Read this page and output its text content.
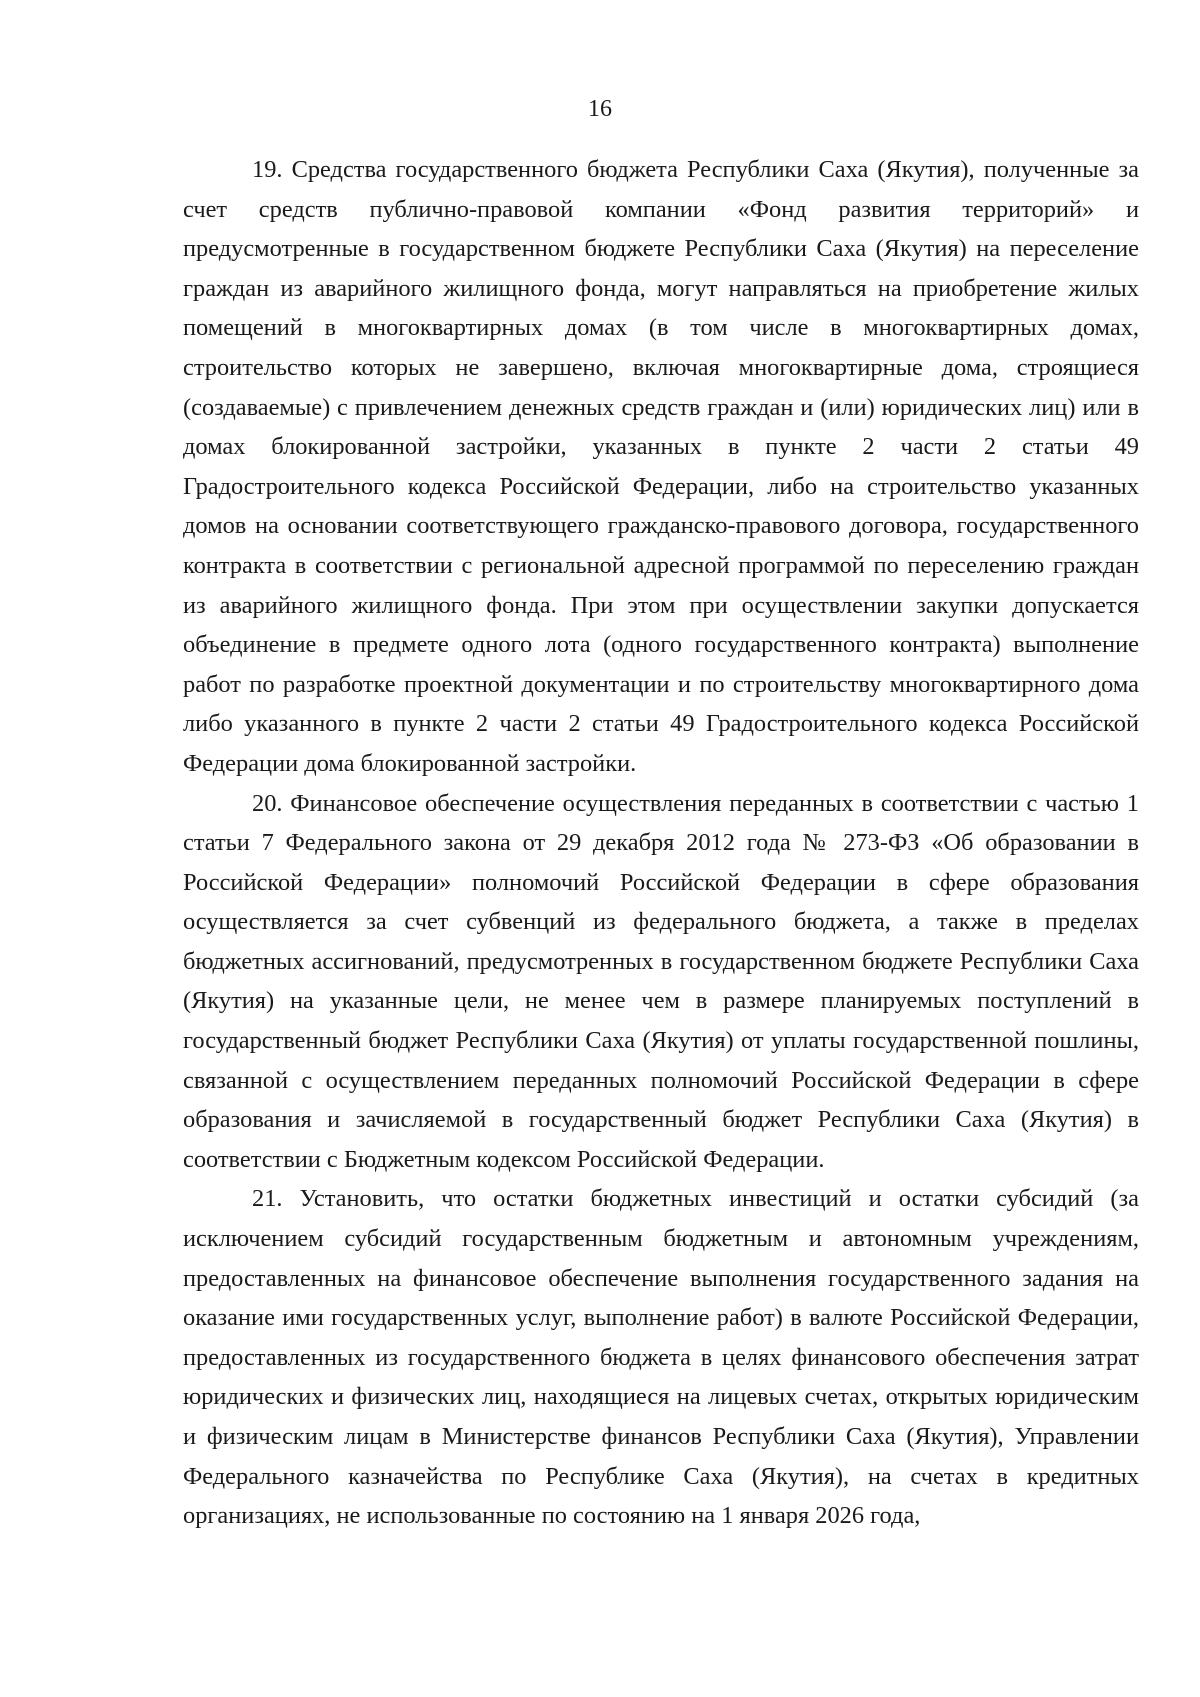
16

19. Средства государственного бюджета Республики Саха (Якутия), полученные за счет средств публично-правовой компании «Фонд развития территорий» и предусмотренные в государственном бюджете Республики Саха (Якутия) на переселение граждан из аварийного жилищного фонда, могут направляться на приобретение жилых помещений в многоквартирных домах (в том числе в многоквартирных домах, строительство которых не завершено, включая многоквартирные дома, строящиеся (создаваемые) с привлечением денежных средств граждан и (или) юридических лиц) или в домах блокированной застройки, указанных в пункте 2 части 2 статьи 49 Градостроительного кодекса Российской Федерации, либо на строительство указанных домов на основании соответствующего гражданско-правового договора, государственного контракта в соответствии с региональной адресной программой по переселению граждан из аварийного жилищного фонда. При этом при осуществлении закупки допускается объединение в предмете одного лота (одного государственного контракта) выполнение работ по разработке проектной документации и по строительству многоквартирного дома либо указанного в пункте 2 части 2 статьи 49 Градостроительного кодекса Российской Федерации дома блокированной застройки.

20. Финансовое обеспечение осуществления переданных в соответствии с частью 1 статьи 7 Федерального закона от 29 декабря 2012 года № 273-ФЗ «Об образовании в Российской Федерации» полномочий Российской Федерации в сфере образования осуществляется за счет субвенций из федерального бюджета, а также в пределах бюджетных ассигнований, предусмотренных в государственном бюджете Республики Саха (Якутия) на указанные цели, не менее чем в размере планируемых поступлений в государственный бюджет Республики Саха (Якутия) от уплаты государственной пошлины, связанной с осуществлением переданных полномочий Российской Федерации в сфере образования и зачисляемой в государственный бюджет Республики Саха (Якутия) в соответствии с Бюджетным кодексом Российской Федерации.

21. Установить, что остатки бюджетных инвестиций и остатки субсидий (за исключением субсидий государственным бюджетным и автономным учреждениям, предоставленных на финансовое обеспечение выполнения государственного задания на оказание ими государственных услуг, выполнение работ) в валюте Российской Федерации, предоставленных из государственного бюджета в целях финансового обеспечения затрат юридических и физических лиц, находящиеся на лицевых счетах, открытых юридическим и физическим лицам в Министерстве финансов Республики Саха (Якутия), Управлении Федерального казначейства по Республике Саха (Якутия), на счетах в кредитных организациях, не использованные по состоянию на 1 января 2026 года,
